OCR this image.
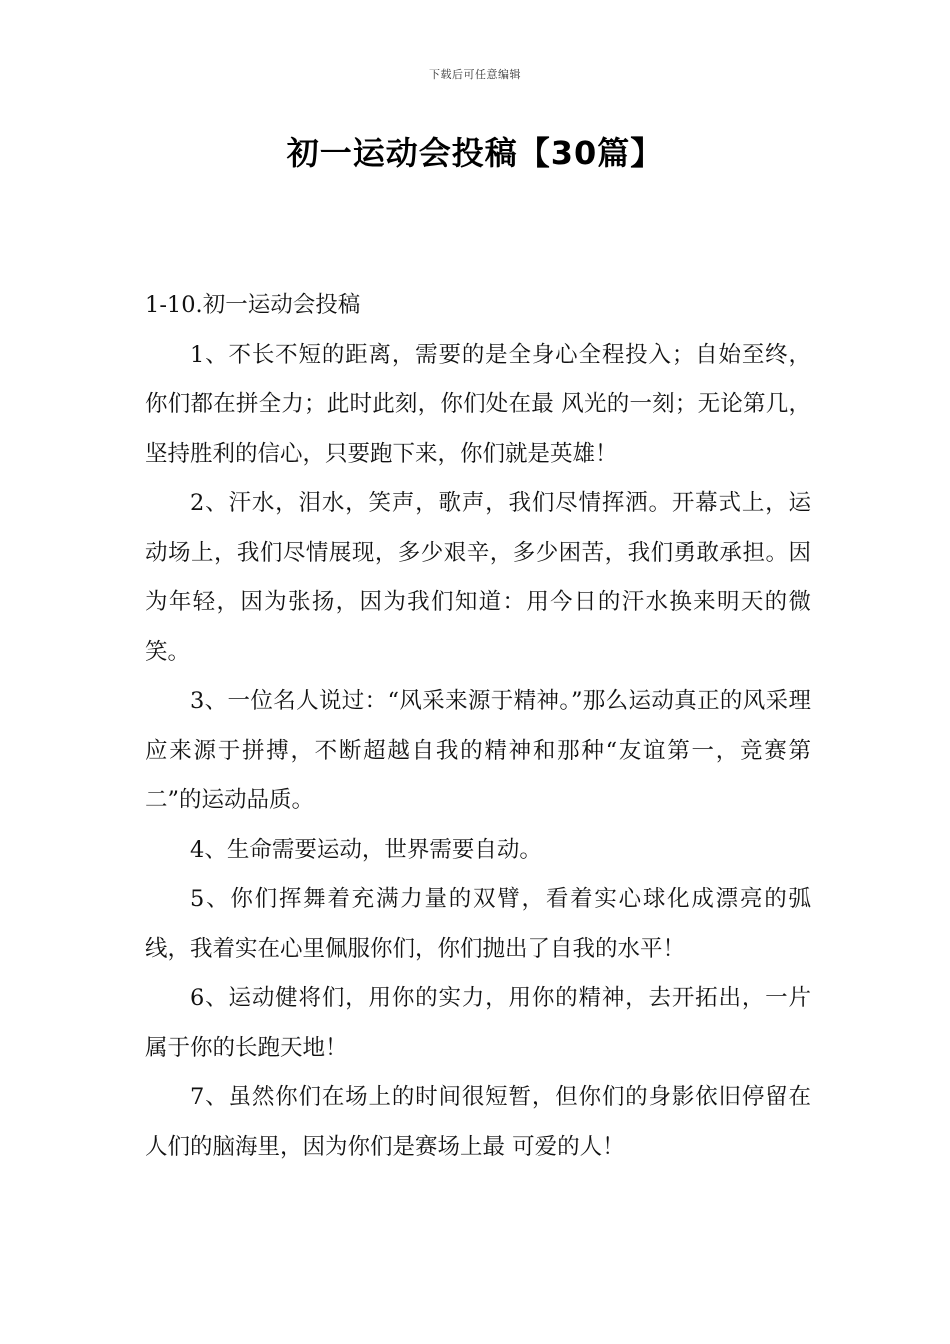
下载后可任意编辑
初一运动会投稿【30篇】

1-10.初一运动会投稿

1、不长不短的距离，需要的是全身心全程投入；自始至终，你们都在拼全力；此时此刻，你们处在最 风光的一刻；无论第几，坚持胜利的信心，只要跑下来，你们就是英雄！

2、汗水，泪水，笑声，歌声，我们尽情挥洒。开幕式上，运动场上，我们尽情展现，多少艰辛，多少困苦，我们勇敢承担。因为年轻，因为张扬，因为我们知道：用今日的汗水换来明天的微笑。

3、一位名人说过：“风采来源于精神。”那么运动真正的风采理应来源于拼搏，不断超越自我的精神和那种“友谊第一，竞赛第二”的运动品质。

4、生命需要运动，世界需要自动。

5、你们挥舞着充满力量的双臂，看着实心球化成漂亮的弧线，我着实在心里佩服你们，你们抛出了自我的水平！

6、运动健将们，用你的实力，用你的精神，去开拓出，一片属于你的长跑天地！

7、虽然你们在场上的时间很短暂，但你们的身影依旧停留在人们的脑海里，因为你们是赛场上最 可爱的人！
